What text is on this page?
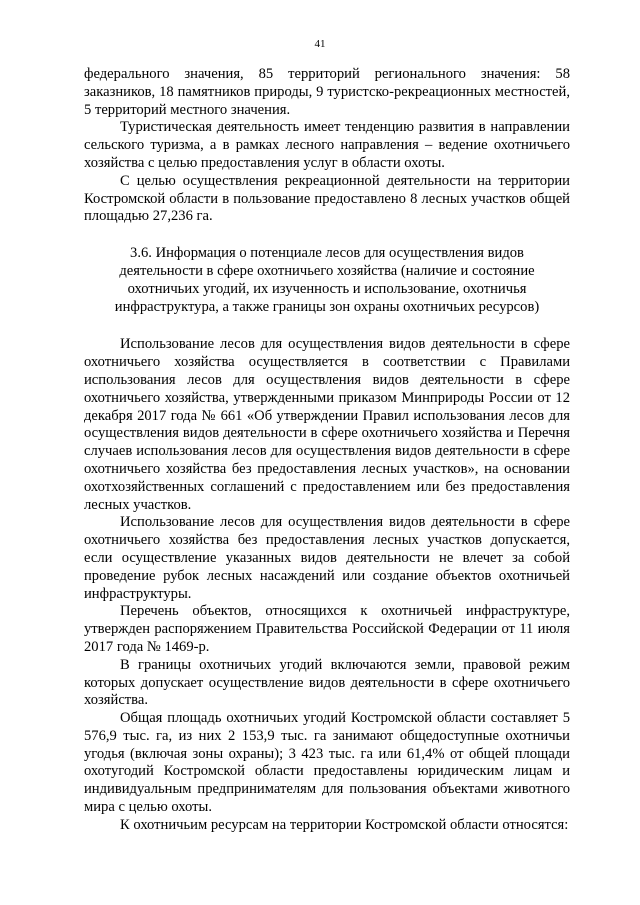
41

федерального значения, 85 территорий регионального значения: 58 заказников, 18 памятников природы, 9 туристско-рекреационных местностей, 5 территорий местного значения.

Туристическая деятельность имеет тенденцию развития в направлении сельского туризма, а в рамках лесного направления – ведение охотничьего хозяйства с целью предоставления услуг в области охоты.

С целью осуществления рекреационной деятельности на территории Костромской области в пользование предоставлено 8 лесных участков общей площадью 27,236 га.

3.6. Информация о потенциале лесов для осуществления видов деятельности в сфере охотничьего хозяйства (наличие и состояние охотничьих угодий, их изученность и использование, охотничья инфраструктура, а также границы зон охраны охотничьих ресурсов)

Использование лесов для осуществления видов деятельности в сфере охотничьего хозяйства осуществляется в соответствии с Правилами использования лесов для осуществления видов деятельности в сфере охотничьего хозяйства, утвержденными приказом Минприроды России от 12 декабря 2017 года № 661 «Об утверждении Правил использования лесов для осуществления видов деятельности в сфере охотничьего хозяйства и Перечня случаев использования лесов для осуществления видов деятельности в сфере охотничьего хозяйства без предоставления лесных участков», на основании охотхозяйственных соглашений с предоставлением или без предоставления лесных участков.

Использование лесов для осуществления видов деятельности в сфере охотничьего хозяйства без предоставления лесных участков допускается, если осуществление указанных видов деятельности не влечет за собой проведение рубок лесных насаждений или создание объектов охотничьей инфраструктуры.

Перечень объектов, относящихся к охотничьей инфраструктуре, утвержден распоряжением Правительства Российской Федерации от 11 июля 2017 года № 1469-р.

В границы охотничьих угодий включаются земли, правовой режим которых допускает осуществление видов деятельности в сфере охотничьего хозяйства.

Общая площадь охотничьих угодий Костромской области составляет 5 576,9 тыс. га, из них 2 153,9 тыс. га занимают общедоступные охотничьи угодья (включая зоны охраны); 3 423 тыс. га или 61,4% от общей площади охотугодий Костромской области предоставлены юридическим лицам и индивидуальным предпринимателям для пользования объектами животного мира с целью охоты.

К охотничьим ресурсам на территории Костромской области относятся:
